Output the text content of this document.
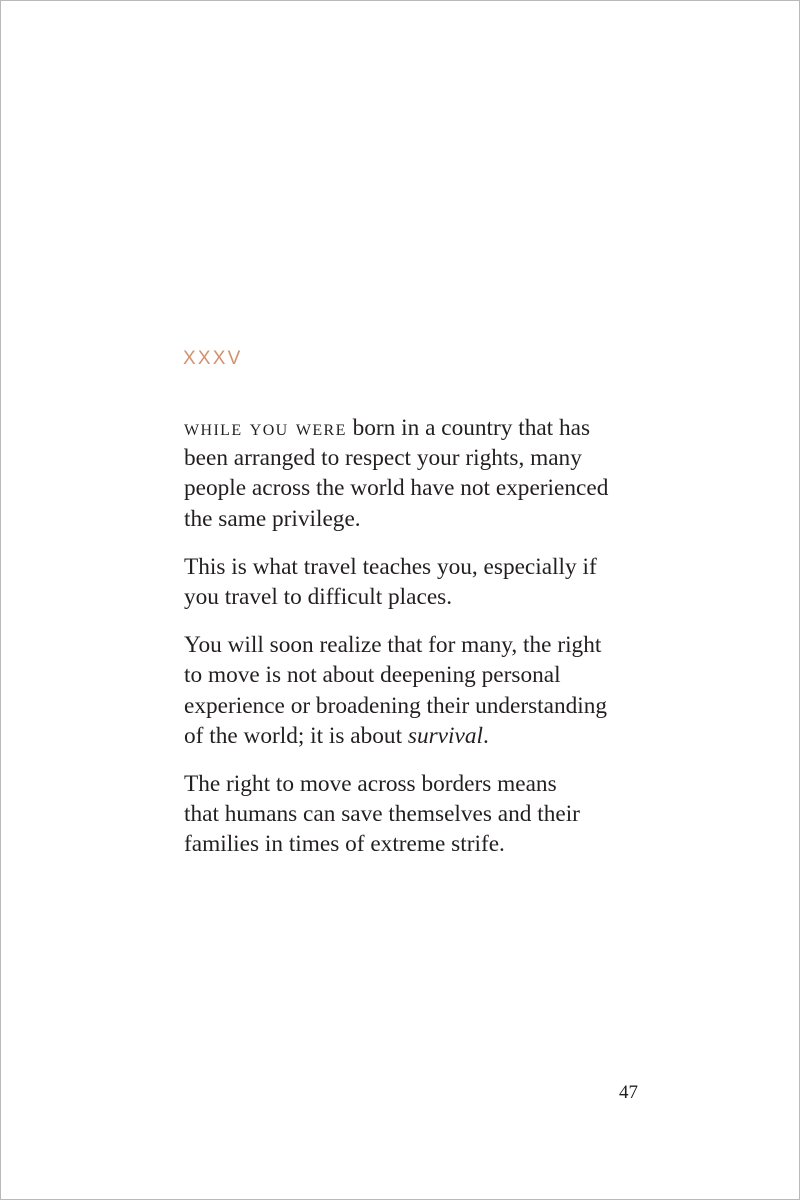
XXXV

while you were born in a country that has
been arranged to respect your rights, many
people across the world have not experienced
the same privilege.

This is what travel teaches you, especially if
you travel to difficult places.

You will soon realize that for many, the right
to move is not about deepening personal
experience or broadening their understanding
of the world; it is about survival.

The right to move across borders means
that humans can save themselves and their
families in times of extreme strife.

47
